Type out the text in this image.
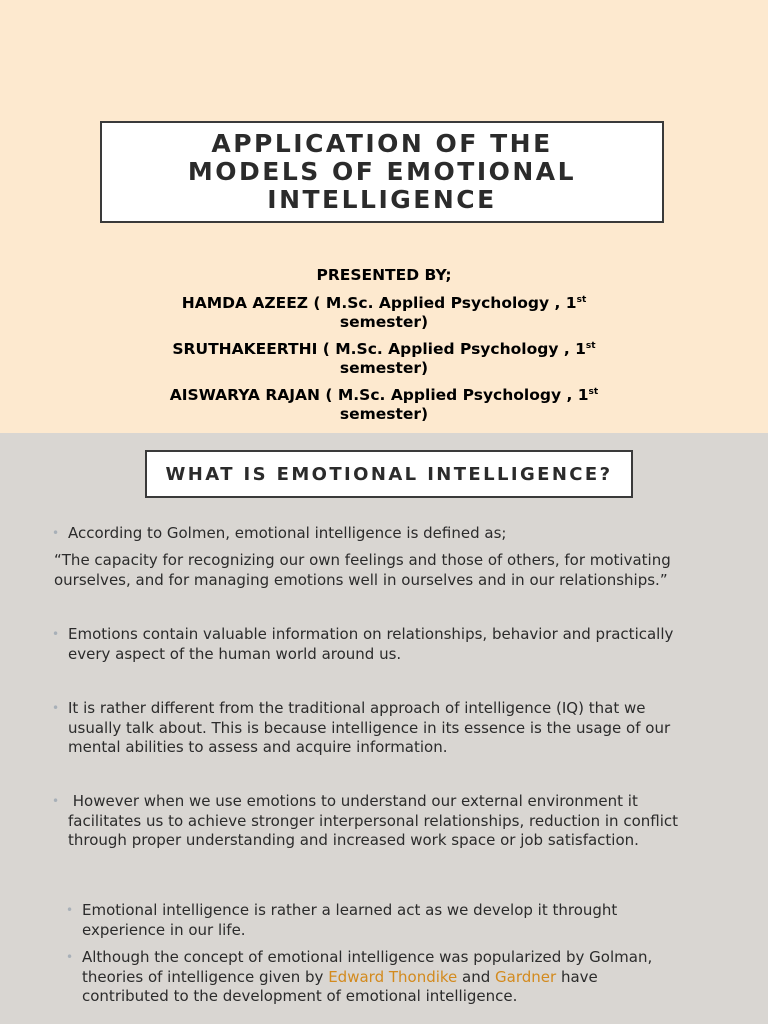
APPLICATION OF THE
MODELS OF EMOTIONAL
INTELLIGENCE
PRESENTED BY;
HAMDA AZEEZ ( M.Sc. Applied Psychology , 1st
semester)
SRUTHAKEERTHI ( M.Sc. Applied Psychology , 1st
semester)
AISWARYA RAJAN ( M.Sc. Applied Psychology , 1st
semester)
WHAT IS EMOTIONAL INTELLIGENCE?
• According to Golmen, emotional intelligence is defined as;
“The capacity for recognizing our own feelings and those of others, for motivating
ourselves, and for managing emotions well in ourselves and in our relationships.”
• Emotions contain valuable information on relationships, behavior and practically
every aspect of the human world around us.
• It is rather different from the traditional approach of intelligence (IQ) that we
usually talk about. This is because intelligence in its essence is the usage of our
mental abilities to assess and acquire information.
• However when we use emotions to understand our external environment it
facilitates us to achieve stronger interpersonal relationships, reduction in conflict
through proper understanding and increased work space or job satisfaction.
• Emotional intelligence is rather a learned act as we develop it throught
experience in our life.
• Although the concept of emotional intelligence was popularized by Golman,
theories of intelligence given by Edward Thondike and Gardner have
contributed to the development of emotional intelligence.
